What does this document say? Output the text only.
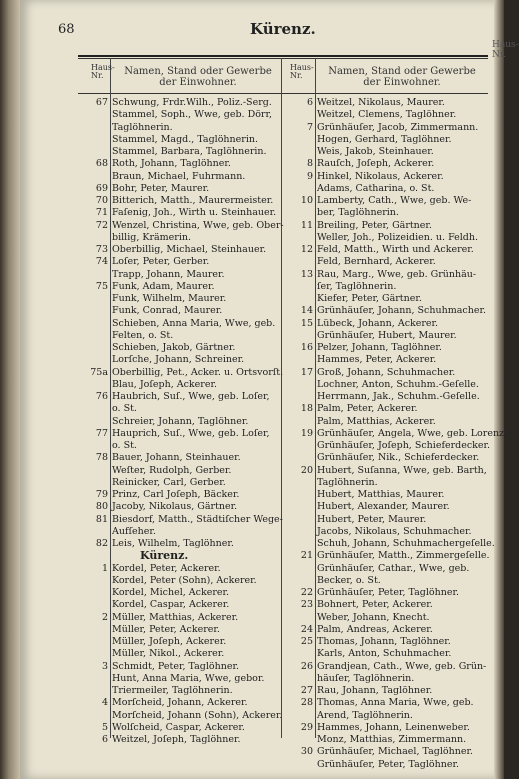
Haus-Nr.
68	Kürenz.
Haus-Nr.	Namen, Stand oder Gewerbe der Einwohner.
Haus-Nr.	Namen, Stand oder Gewerbe der Einwohner.
67 Schwung, Frdr.Wilh., Poliz.-Serg.
Stammel, Soph., Wwe, geb. Dörr,
Taglöhnerin.
Stammel, Magd., Taglöhnerin.
Stammel, Barbara, Taglöhnerin.
68 Roth, Johann, Taglöhner.
Braun, Michael, Fuhrmann.
69 Bohr, Peter, Maurer.
70 Bitterich, Matth., Maurermeister.
71 Faſenig, Joh., Wirth u. Steinhauer.
72 Wenzel, Christina, Wwe, geb. Ober-
billig, Krämerin.
73 Oberbillig, Michael, Steinhauer.
74 Loſer, Peter, Gerber.
Trapp, Johann, Maurer.
75 Funk, Adam, Maurer.
Funk, Wilhelm, Maurer.
Funk, Conrad, Maurer.
Schieben, Anna Maria, Wwe, geb.
Felten, o. St.
Schieben, Jakob, Gärtner.
Lorſche, Johann, Schreiner.
75a Oberbillig, Pet., Acker. u. Ortsvorſt.
Blau, Joſeph, Ackerer.
76 Haubrich, Suſ., Wwe, geb. Loſer,
o. St.
Schreier, Johann, Taglöhner.
77 Hauprich, Suſ., Wwe, geb. Loſer,
o. St.
78 Bauer, Johann, Steinhauer.
Weſter, Rudolph, Gerber.
Reinicker, Carl, Gerber.
79 Prinz, Carl Joſeph, Bäcker.
80 Jacoby, Nikolaus, Gärtner.
81 Biesdorf, Matth., Städtiſcher Wege-
Aufſeher.
82 Leis, Wilhelm, Taglöhner.
Kürenz.
1 Kordel, Peter, Ackerer.
Kordel, Peter (Sohn), Ackerer.
Kordel, Michel, Ackerer.
Kordel, Caspar, Ackerer.
2 Müller, Matthias, Ackerer.
Müller, Peter, Ackerer.
Müller, Joſeph, Ackerer.
Müller, Nikol., Ackerer.
3 Schmidt, Peter, Taglöhner.
Hunt, Anna Maria, Wwe, gebor.
Triermeiler, Taglöhnerin.
4 Morſcheid, Johann, Ackerer.
Morſcheid, Johann (Sohn), Ackerer.
5 Wolſcheid, Caspar, Ackerer.
6 Weitzel, Joſeph, Taglöhner.
6 Weitzel, Nikolaus, Maurer.
Weitzel, Clemens, Taglöhner.
7 Grünhäuſer, Jacob, Zimmermann.
Hogen, Gerhard, Taglöhner.
Weis, Jakob, Steinhauer.
8 Rauſch, Joſeph, Ackerer.
9 Hinkel, Nikolaus, Ackerer.
Adams, Catharina, o. St.
10 Lamberty, Cath., Wwe, geb. We-
ber, Taglöhnerin.
11 Breiling, Peter, Gärtner.
Weller, Joh., Polizeidien. u. Feldh.
12 Feld, Matth., Wirth und Ackerer.
Feld, Bernhard, Ackerer.
13 Rau, Marg., Wwe, geb. Grünhäu-
ſer, Taglöhnerin.
Kiefer, Peter, Gärtner.
14 Grünhäuſer, Johann, Schuhmacher.
15 Lübeck, Johann, Ackerer.
Grünhäuſer, Hubert, Maurer.
16 Pelzer, Johann, Taglöhner.
Hammes, Peter, Ackerer.
17 Groß, Johann, Schuhmacher.
Lochner, Anton, Schuhm.-Geſelle.
Herrmann, Jak., Schuhm.-Geſelle.
18 Palm, Peter, Ackerer.
Palm, Matthias, Ackerer.
19 Grünhäuſer, Angela, Wwe, geb. Lorenz.
Grünhäuſer, Joſeph, Schieferdecker.
Grünhäuſer, Nik., Schieferdecker.
20 Hubert, Suſanna, Wwe, geb. Barth,
Taglöhnerin.
Hubert, Matthias, Maurer.
Hubert, Alexander, Maurer.
Hubert, Peter, Maurer.
Jacobs, Nikolaus, Schuhmacher.
Schuh, Johann, Schuhmachergeſelle.
21 Grünhäuſer, Matth., Zimmergeſelle.
Grünhäuſer, Cathar., Wwe, geb.
Becker, o. St.
22 Grünhäuſer, Peter, Taglöhner.
23 Bohnert, Peter, Ackerer.
Weber, Johann, Knecht.
24 Palm, Andreas, Ackerer.
25 Thomas, Johann, Taglöhner.
Karls, Anton, Schuhmacher.
26 Grandjean, Cath., Wwe, geb. Grün-
häuſer, Taglöhnerin.
27 Rau, Johann, Taglöhner.
28 Thomas, Anna Maria, Wwe, geb.
Arend, Taglöhnerin.
29 Hammes, Johann, Leinenweber.
Monz, Matthias, Zimmermann.
30 Grünhäuſer, Michael, Taglöhner.
Grünhäuſer, Peter, Taglöhner.
